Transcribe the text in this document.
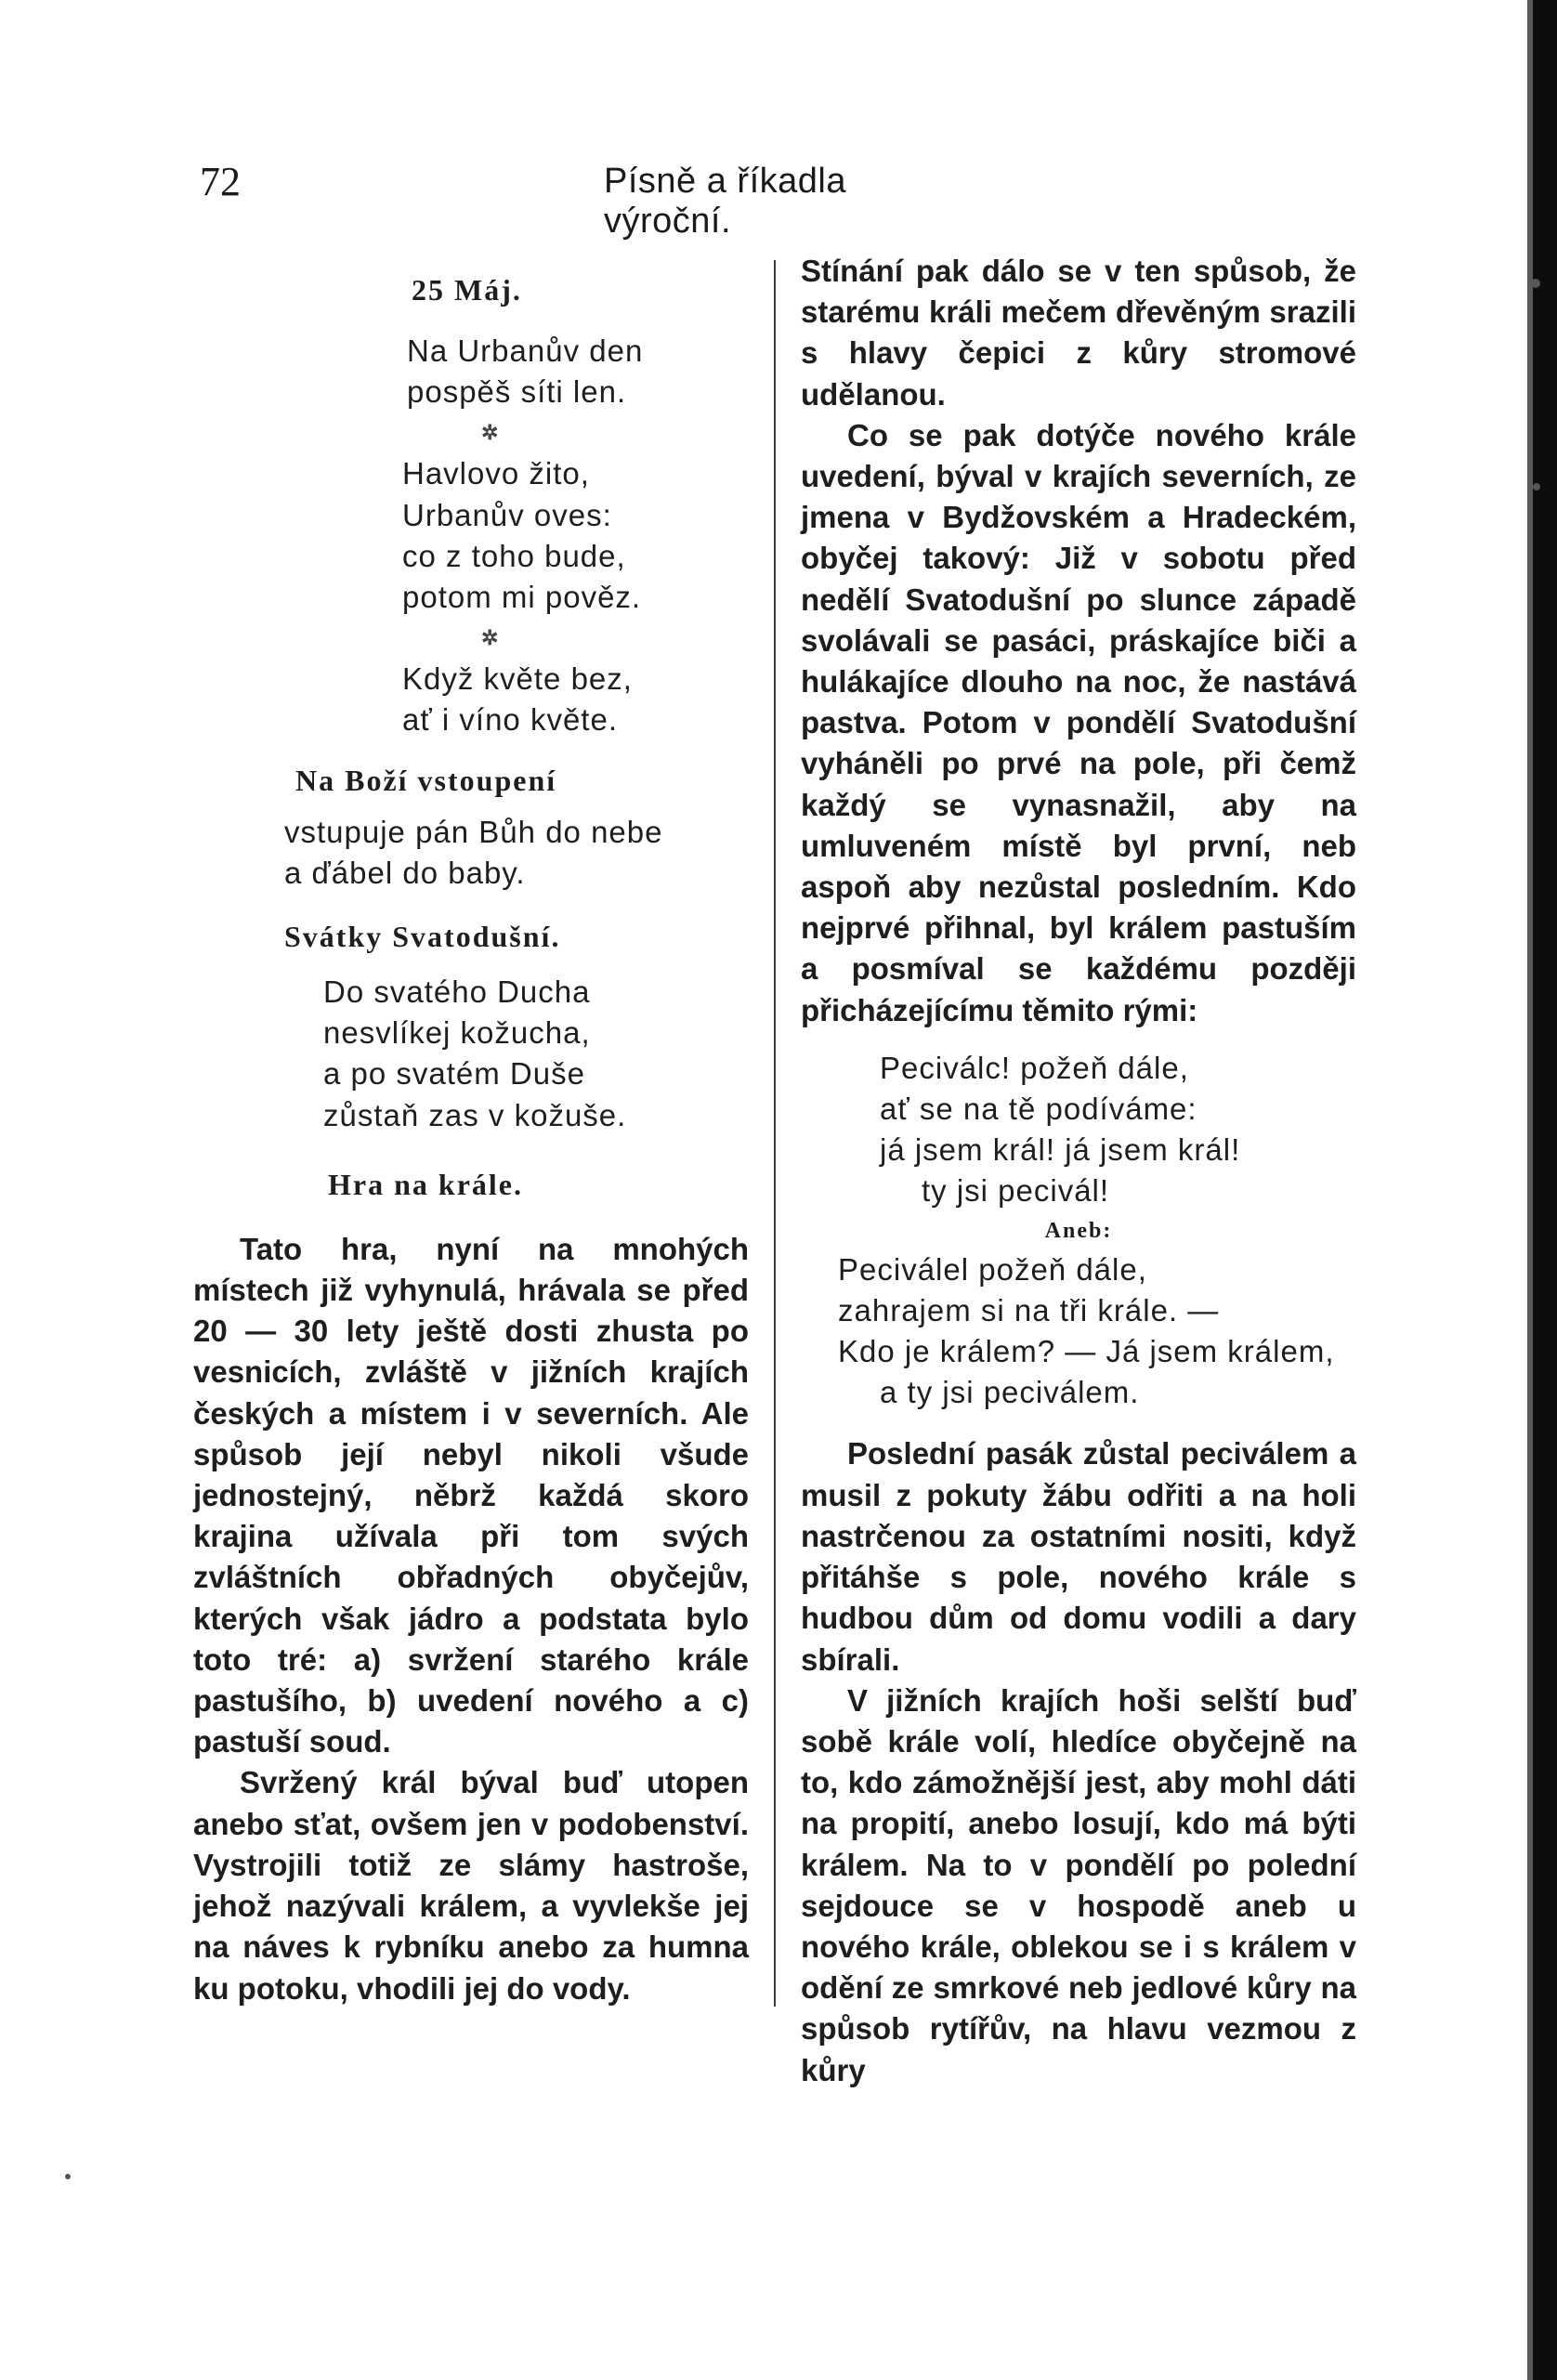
72	Písně a říkadla výroční.
25 Máj.
Na Urbanův den
pospěš síti len.
✲
Havlovo žito,
Urbanův oves:
co z toho bude,
potom mi pověz.
✲
Když květe bez,
ať i víno květe.
Na Boží vstoupení
vstupuje pán Bůh do nebe
a ďábel do baby.
Svátky Svatodušní.
Do svatého Ducha
nesvlíkej kožucha,
a po svatém Duše
zůstaň zas v kožuše.
Hra na krále.

Tato hra, nyní na mnohých místech již vyhynulá, hrávala se před 20 — 30 lety ještě dosti zhusta po vesnicích, zvláště v jižních krajích českých a místem i v severních. Ale spůsob její nebyl nikoli všude jednostejný, něbrž každá skoro krajina užívala při tom svých zvláštních obřadných obyčejův, kterých však jádro a podstata bylo toto tré: a) svržení starého krále pastušího, b) uvedení nového a c) pastuší soud.

Svržený král býval buď utopen anebo sťat, ovšem jen v podobenství. Vystrojili totiž ze slámy hastroše, jehož nazývali králem, a vyvlekše jej na náves k rybníku anebo za humna ku potoku, vhodili jej do vody.

Stínání pak dálo se v ten spůsob, že starému králi mečem dřevěným srazili s hlavy čepici z kůry stromové udělanou.

Co se pak dotýče nového krále uvedení, býval v krajích severních, ze jmena v Bydžovském a Hradeckém, obyčej takový: Již v sobotu před nedělí Svatodušní po slunce západě svolávali se pasáci, práskajíce biči a hulákajíce dlouho na noc, že nastává pastva. Potom v pondělí Svatodušní vyháněli po prvé na pole, při čemž každý se vynasnažil, aby na umluveném místě byl první, neb aspoň aby nezůstal posledním. Kdo nejprvé přihnal, byl králem pastuším a posmíval se každému později přicházejícímu těmito rými:

Peciválc! požeň dále,
ať se na tě podíváme:
já jsem král! já jsem král!
ty jsi pecivál!
Aneb:
Peciválel požeň dále,
zahrajem si na tři krále. —
Kdo je králem? — Já jsem králem,
a ty jsi peciválem.

Poslední pasák zůstal peciválem a musil z pokuty žábu odřiti a na holi nastrčenou za ostatními nositi, když přitáhše s pole, nového krále s hudbou dům od domu vodili a dary sbírali.

V jižních krajích hoši selští buď sobě krále volí, hledíce obyčejně na to, kdo zámožnější jest, aby mohl dáti na propití, anebo losují, kdo má býti králem. Na to v pondělí po polední sejdouce se v hospodě aneb u nového krále, oblekou se i s králem v odění ze smrkové neb jedlové kůry na spůsob rytířův, na hlavu vezmou z kůry
